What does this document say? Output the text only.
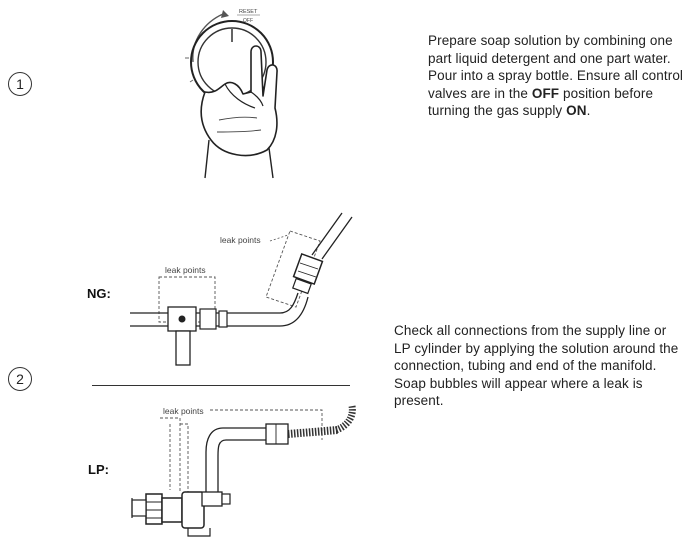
1
RESET
OFF
Prepare soap solution by combining one part liquid detergent and one part water. Pour into a spray bottle. Ensure all control valves are in the OFF position before turning the gas supply ON.
2
NG:
LP:
leak points
leak points
leak points
Check all connections from the supply line or LP cylinder by applying the solution around the connection, tubing and end of the manifold. Soap bubbles will appear where a leak is present.
